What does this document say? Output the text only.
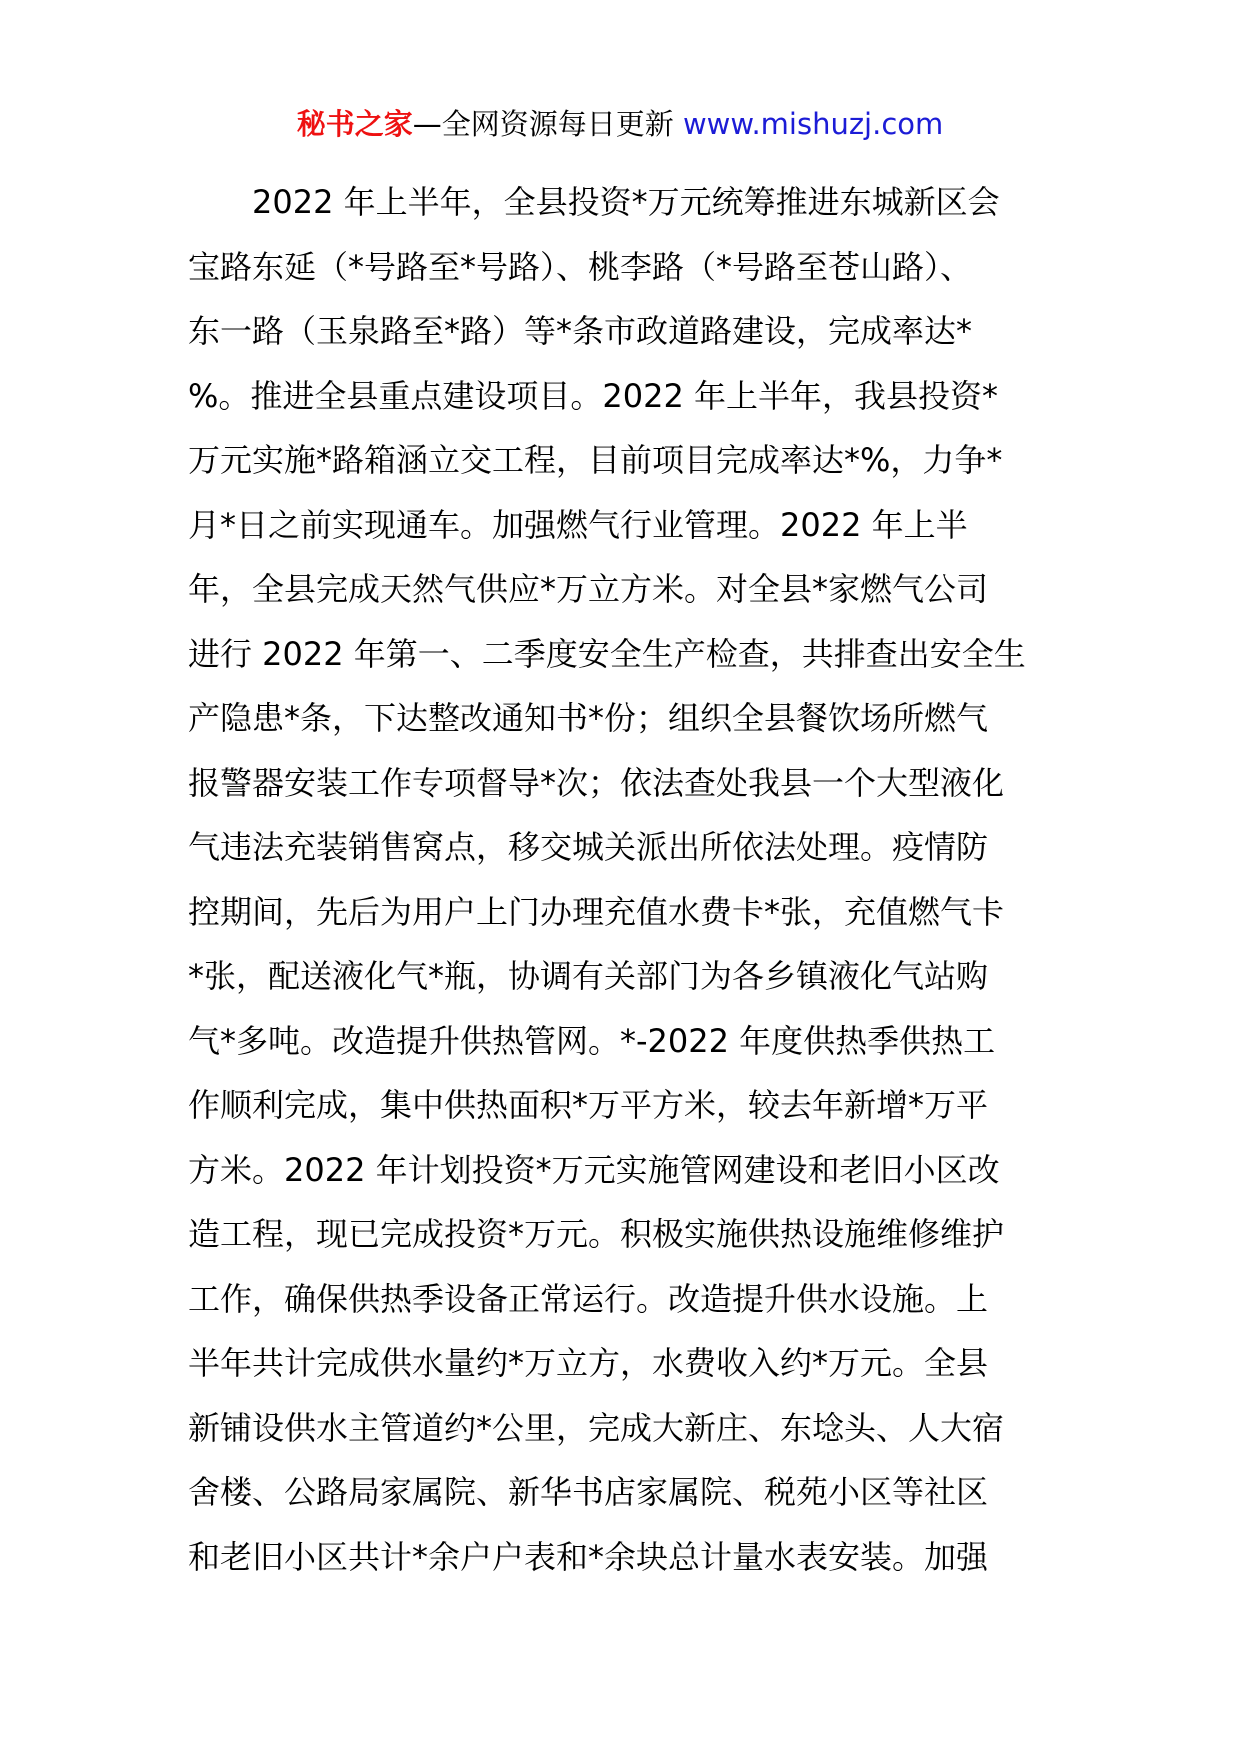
秘书之家—全网资源每日更新 www.mishuzj.com
2022 年上半年，全县投资*万元统筹推进东城新区会
宝路东延（*号路至*号路）、桃李路（*号路至苍山路）、
东一路（玉泉路至*路）等*条市政道路建设，完成率达*
%。推进全县重点建设项目。2022 年上半年，我县投资*
万元实施*路箱涵立交工程，目前项目完成率达*%，力争*
月*日之前实现通车。加强燃气行业管理。2022 年上半
年，全县完成天然气供应*万立方米。对全县*家燃气公司
进行 2022 年第一、二季度安全生产检查，共排查出安全生
产隐患*条，下达整改通知书*份；组织全县餐饮场所燃气
报警器安装工作专项督导*次；依法查处我县一个大型液化
气违法充装销售窝点，移交城关派出所依法处理。疫情防
控期间，先后为用户上门办理充值水费卡*张，充值燃气卡
*张，配送液化气*瓶，协调有关部门为各乡镇液化气站购
气*多吨。改造提升供热管网。*-2022 年度供热季供热工
作顺利完成，集中供热面积*万平方米，较去年新增*万平
方米。2022 年计划投资*万元实施管网建设和老旧小区改
造工程，现已完成投资*万元。积极实施供热设施维修维护
工作，确保供热季设备正常运行。改造提升供水设施。上
半年共计完成供水量约*万立方，水费收入约*万元。全县
新铺设供水主管道约*公里，完成大新庄、东埝头、人大宿
舍楼、公路局家属院、新华书店家属院、税苑小区等社区
和老旧小区共计*余户户表和*余块总计量水表安装。加强
